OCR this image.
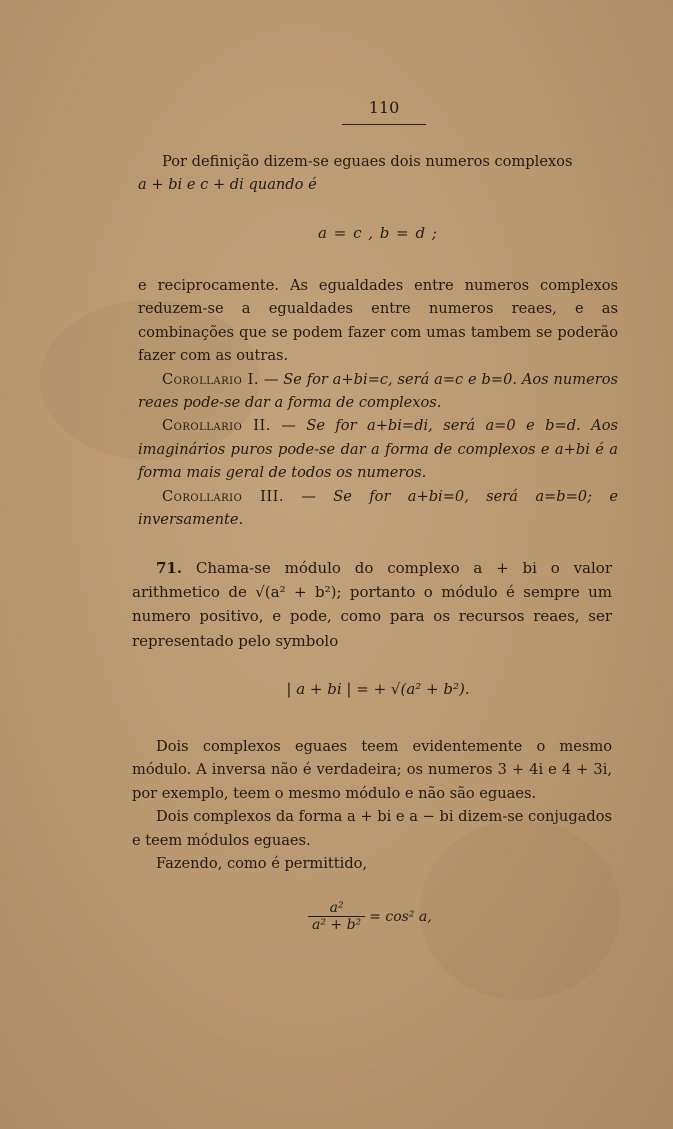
110

Por definição dizem-se eguaes dois numeros complexos

a + bi e c + di quando é

a = c , b = d ;

e reciprocamente. As egualdades entre numeros complexos reduzem-se a egualdades entre numeros reaes, e as combinações que se podem fazer com umas tambem se poderão fazer com as outras.

Corollario I. — Se for a+bi=c, será a=c e b=0. Aos numeros reaes pode-se dar a forma de complexos.

Corollario II. — Se for a+bi=di, será a=0 e b=d. Aos imaginários puros pode-se dar a forma de complexos e a+bi é a forma mais geral de todos os numeros.

Corollario III. — Se for a+bi=0, será a=b=0; e inversamente.

71. Chama-se módulo do complexo a + bi o valor arithmetico de √(a² + b²); portanto o módulo é sempre um numero positivo, e pode, como para os recursos reaes, ser representado pelo symbolo

| a + bi | = + √(a² + b²).

Dois complexos eguaes teem evidentemente o mesmo módulo. A inversa não é verdadeira; os numeros 3 + 4i e 4 + 3i, por exemplo, teem o mesmo módulo e não são eguaes.

Dois complexos da forma a + bi e a − bi dizem-se conjugados e teem módulos eguaes.

Fazendo, como é permittido,

$\frac{\text{a²}}{\text{a² + b²}} = \cos^2$ a,
